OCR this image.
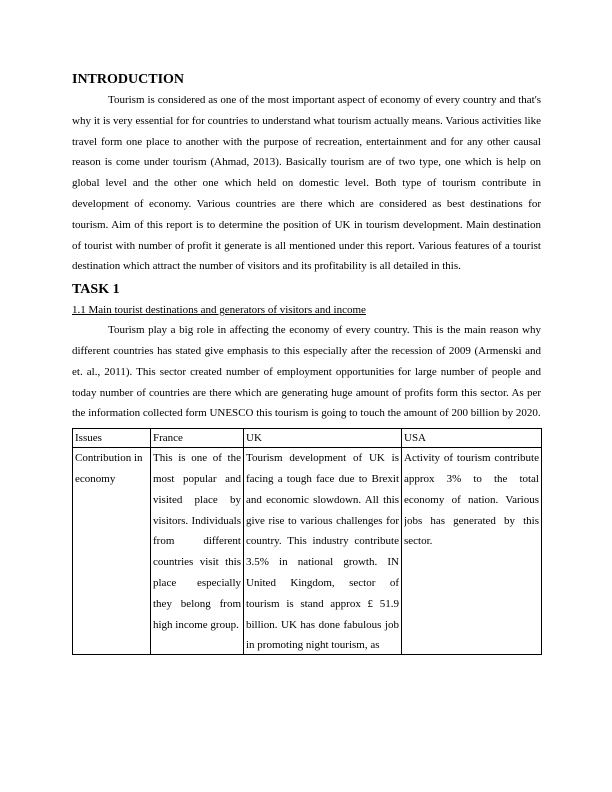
INTRODUCTION

Tourism is considered as one of the most important aspect of economy of every country and that's why it is very essential for for countries to understand what tourism actually means. Various activities like travel form one place to another with the purpose of recreation, entertainment and for any other causal reason is come under tourism (Ahmad, 2013). Basically tourism are of two type, one which is help on global level and the other one which held on domestic level. Both type of tourism contribute in development of economy. Various countries are there which are considered as best destinations for tourism. Aim of this report is to determine the position of UK in tourism development. Main destination of tourist with number of profit it generate is all mentioned under this report. Various features of a tourist destination which attract the number of visitors and its profitability is all detailed in this.

TASK 1

1.1 Main tourist destinations and generators of visitors and income

Tourism play a big role in affecting the economy of every country. This is the main reason why different countries has stated give emphasis to this especially after the recession of 2009 (Armenski and et. al., 2011). This sector created number of employment opportunities for large number of people and today number of countries are there which are generating huge amount of profits form this sector. As per the information collected form UNESCO this tourism is going to touch the amount of 200 billion by 2020.

Issues	France	UK	USA

Contribution in economy	This is one of the most popular and visited place by visitors. Individuals from different countries visit this place especially they belong from high income group.	Tourism development of UK is facing a tough face due to Brexit and economic slowdown. All this give rise to various challenges for country. This industry contribute 3.5% in national growth. IN United Kingdom, sector of tourism is stand approx £ 51.9 billion. UK has done fabulous job in promoting night tourism, as	Activity of tourism contribute approx 3% to the total economy of nation. Various jobs has generated by this sector.
